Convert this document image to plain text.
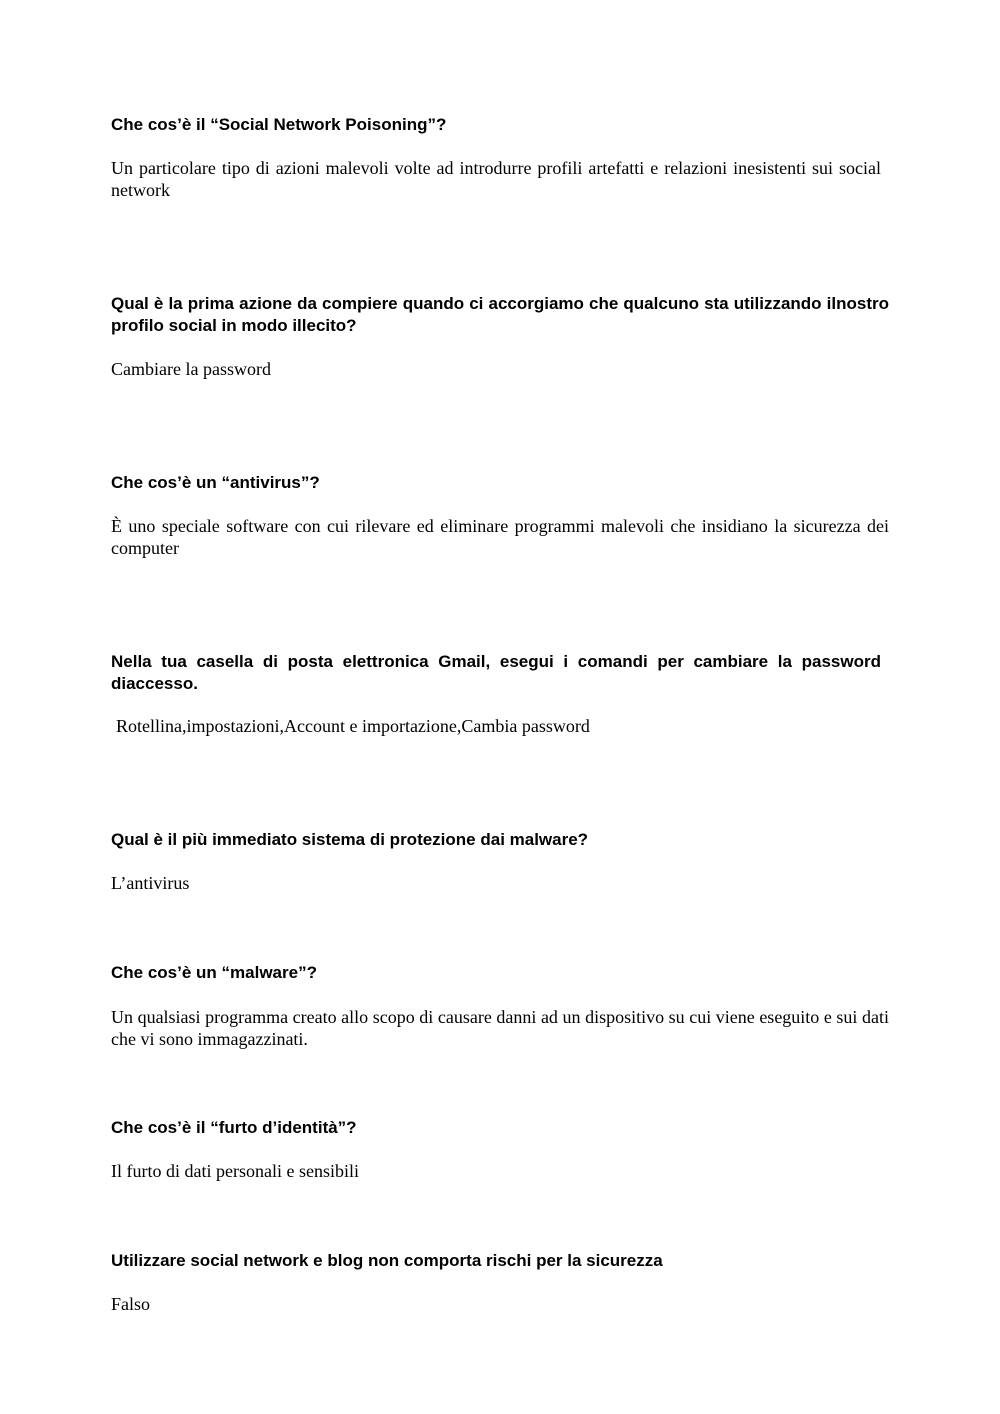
Che cos’è il “Social Network Poisoning”?

Un particolare tipo di azioni malevoli volte ad introdurre profili artefatti e relazioni inesistenti sui social network

Qual è la prima azione da compiere quando ci accorgiamo che qualcuno sta utilizzando ilnostro profilo social in modo illecito?

Cambiare la password

Che cos’è un “antivirus”?

È uno speciale software con cui rilevare ed eliminare programmi malevoli che insidiano la sicurezza dei computer

Nella tua casella di posta elettronica Gmail, esegui i comandi per cambiare la password diaccesso.

Rotellina,impostazioni,Account e importazione,Cambia password

Qual è il più immediato sistema di protezione dai malware?

L’antivirus

Che cos’è un “malware”?

Un qualsiasi programma creato allo scopo di causare danni ad un dispositivo su cui viene eseguito e sui dati che vi sono immagazzinati.

Che cos’è il “furto d’identità”?

Il furto di dati personali e sensibili

Utilizzare social network e blog non comporta rischi per la sicurezza

Falso
